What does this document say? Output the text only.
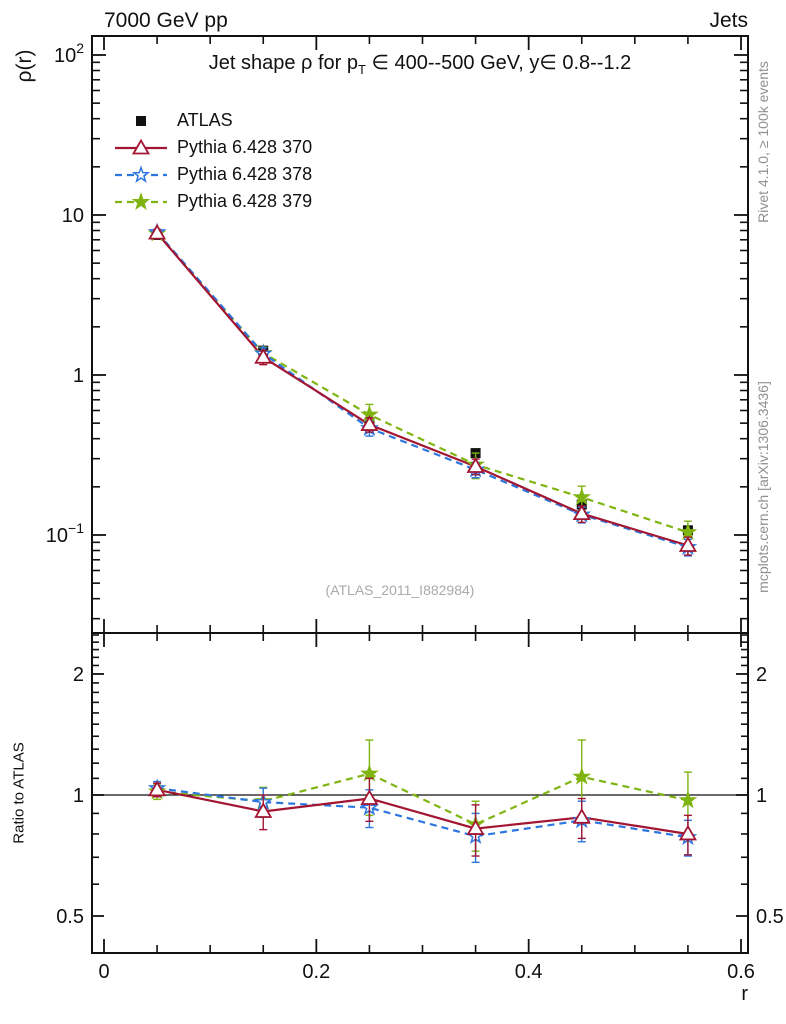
$10^2$
10
1
$10^{-1}$
2	2
1	1
0.5	0.5
0	0.2	0.4	0.6
7000 GeV pp	Jets
Jet shape ρ for $p_T$ ∈ 400--500 GeV, y∈ 0.8--1.2
ρ(r)
Ratio to ATLAS
r
(ATLAS_2011_I882984)
Rivet 4.1.0, ≥ 100k events
mcplots.cern.ch [arXiv:1306.3436]
ATLAS
Pythia 6.428 370
Pythia 6.428 378
Pythia 6.428 379
